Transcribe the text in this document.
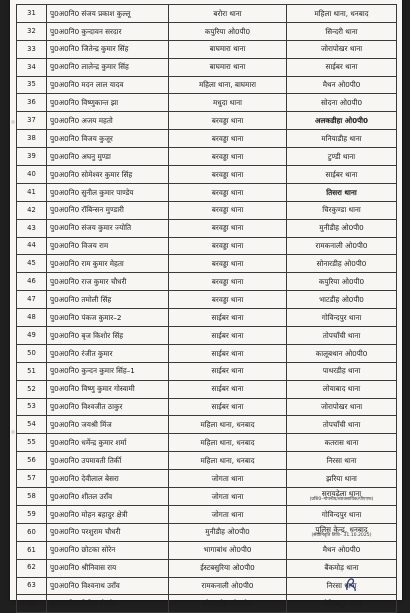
31	पु0अ0नि0 संजय प्रकाश कुल्लू	बरोरा थाना	महिला थाना, धनबाद
32	पु0अ0नि0 कुन्दावन सरदार	कपुरिया ओ0पी0	सिन्दरी थाना
33	पु0अ0नि0 जितेन्द्र कुमार सिंह	बाघमारा थाना	जोरापोखर थाना
34	पु0अ0नि0 लालेन्द्र कुमार सिंह	बाघमारा थाना	साईबर थाना
35	पु0अ0नि0 मदन लाल यादव	महिला थाना, बाघमारा	मैथन ओ0पी0
36	पु0अ0नि0 विष्णुकान्त झा	मधुदा थाना	सोदना ओ0पी0
37	पु0अ0नि0 अजय महतो	बरवड्डा थाना	अलकडीहा ओ0पी0
38	पु0अ0नि0 विजय कुजूर	बरवड्डा थाना	मनियाडीह थाना
39	पु0अ0नि0 अघनु मुण्डा	बरवड्डा थाना	टुण्डी थाना
40	पु0अ0नि0 सोमेश्वर कुमार सिंह	बरवड्डा थाना	साईबर थाना
41	पु0अ0नि0 सुनील कुमार पाण्डेय	बरवड्डा थाना	तिसरा थाना
42	पु0अ0नि0 रॉबिन्सन मुण्डारी	बरवड्डा थाना	चिरकुण्डा थाना
43	पु0अ0नि0 संजय कुमार ज्योति	बरवड्डा थाना	मुनीडीह ओ0पी0
44	पु0अ0नि0 विजय राम	बरवड्डा थाना	रामकनाली ओ0पी0
45	पु0अ0नि0 राम कुमार मेहता	बरवड्डा थाना	सोनारडीह ओ0पी0
46	पु0अ0नि0 राज कुमार चौधरी	बरवड्डा थाना	कपुरिया ओ0पी0
47	पु0अ0नि0 तमोली सिंह	बरवड्डा थाना	भाटडीह ओ0पी0
48	पु0अ0नि0 पंकज कुमार–2	साईबर थाना	गोविन्दपुर थाना
49	पु0अ0नि0 बृज किशोर सिंह	साईबर थाना	तोपचाँची थाना
50	पु0अ0नि0 रंजीत कुमार	साईबर थाना	कालूबथान ओ0पी0
51	पु0अ0नि0 कुन्दन कुमार सिंह–1	साईबर थाना	पाथरडीह थाना
52	पु0अ0नि0 विष्णु कुमार गोस्वामी	साईबर थाना	लोयाबाद थाना
53	पु0अ0नि0 विश्वजीत ठाकुर	साईबर थाना	जोरापोखर थाना
54	पु0अ0नि0 जयश्री मिंज	महिला थाना, धनबाद	तोपचाँची थाना
55	पु0अ0नि0 धर्मेन्द्र कुमार शर्मा	महिला थाना, धनबाद	कतरास थाना
56	पु0अ0नि0 उपमावती तिर्की	महिला थाना, धनबाद	निरसा थाना
57	पु0अ0नि0 देवीलाल बेसरा	जोगता थाना	झरिया थाना
58	पु0अ0नि0 शीतल उराँव	जोगता थाना	सरायढेला थाना
(प्रशि0–गोपनीय/व्यावसायिक/पीएएफ)

59	पु0अ0नि0 मोहन बहादुर क्षेत्री	जोगता थाना	गोविन्दपुर थाना
60	पु0अ0नि0 परशुराम चौधरी	मुनीडीह ओ0पी0	पुलिस केन्द्र, धनबाद
(सेवानिवृति तिथि– 31.10.2025)

61	पु0अ0नि0 छोटका सोरेन	भागाबांध ओ0पी0	मैथन ओ0पी0
62	पु0अ0नि0 श्रीनिवास राय	ईस्टबसुरिया ओ0पी0	बैंकमोड़ थाना
63	पु0अ0नि0 विश्वनाथ उराँव	रामकनाली ओ0पी0	निरसा थाना
64	पु0अ0नि0 विपिन टोप्पो	सोनारडीह ओ0पी0	गोविन्दपुर थाना
